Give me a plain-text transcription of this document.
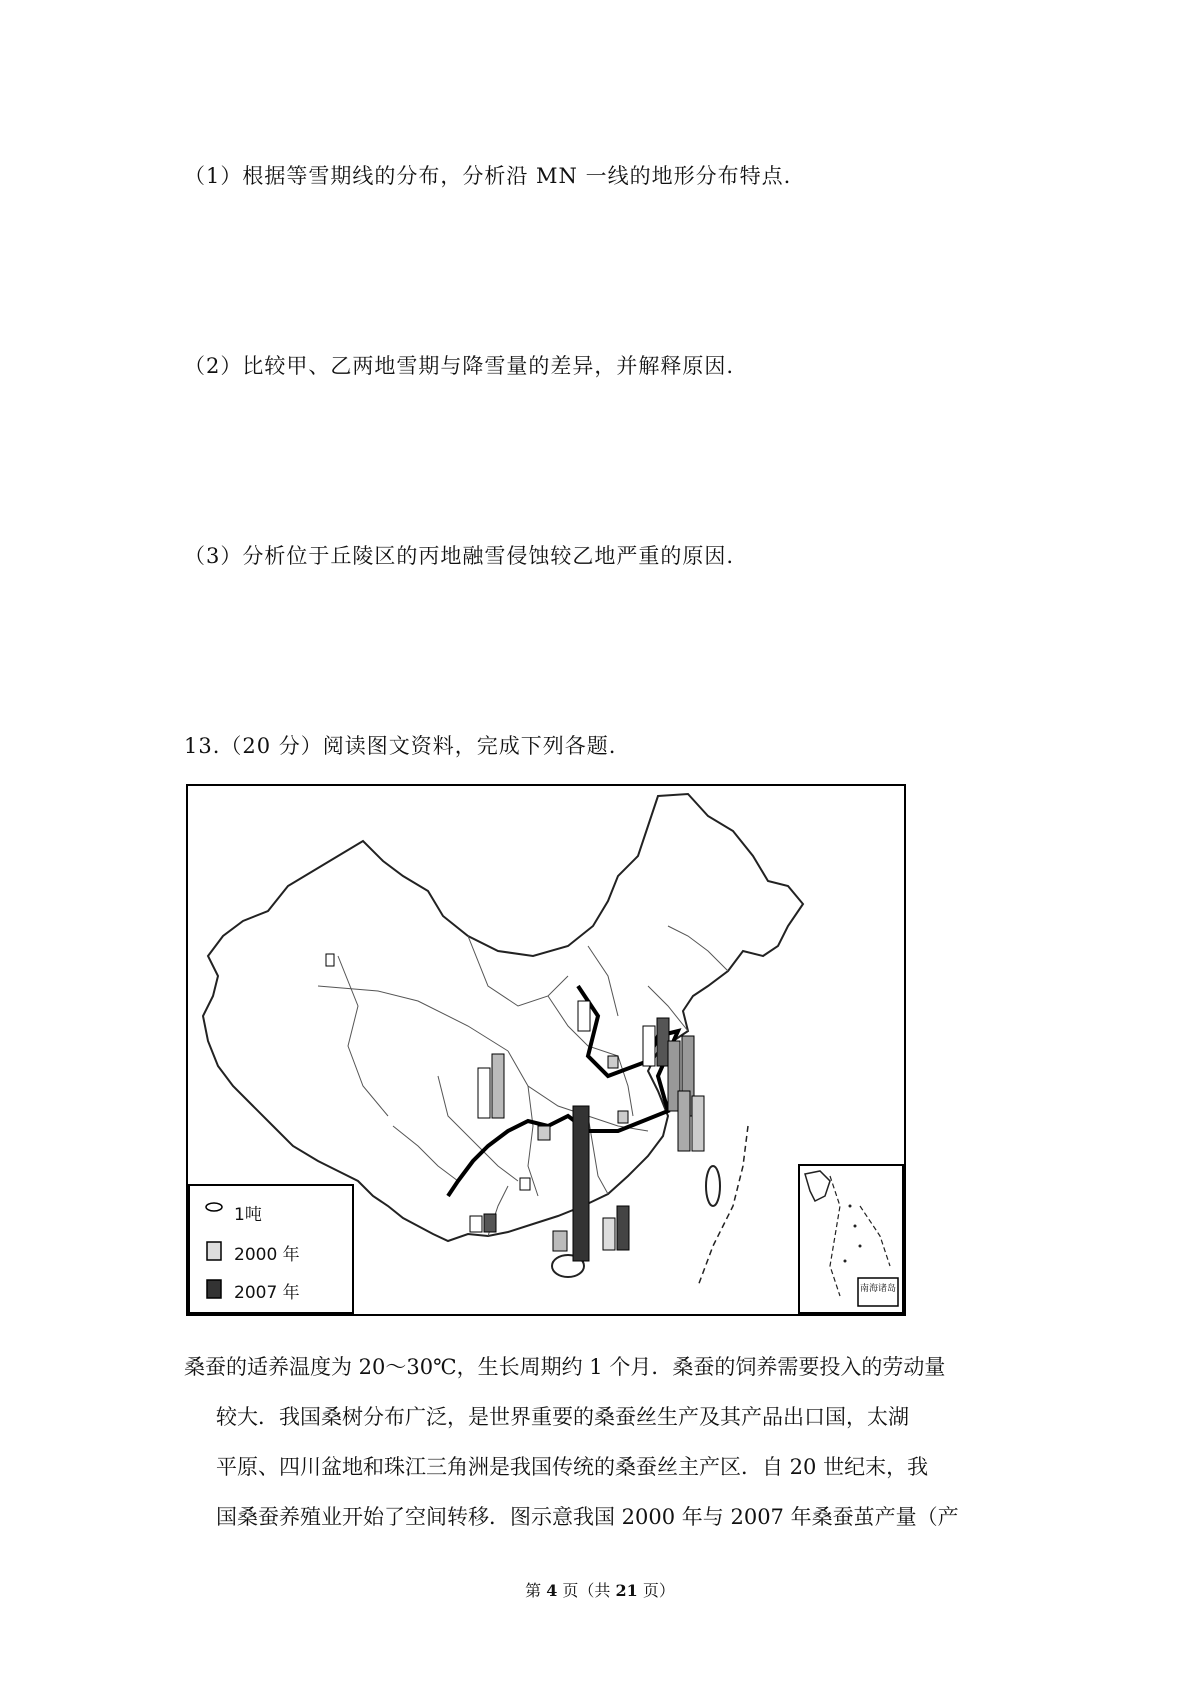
（1）根据等雪期线的分布，分析沿 MN 一线的地形分布特点.
（2）比较甲、乙两地雪期与降雪量的差异，并解释原因.
（3）分析位于丘陵区的丙地融雪侵蚀较乙地严重的原因.
13.（20 分）阅读图文资料，完成下列各题.
1吨
2000 年
2007 年	南海诸岛
桑蚕的适养温度为 20～30℃，生长周期约 1 个月．桑蚕的饲养需要投入的劳动量
较大．我国桑树分布广泛，是世界重要的桑蚕丝生产及其产品出口国，太湖
平原、四川盆地和珠江三角洲是我国传统的桑蚕丝主产区．自 20 世纪末，我
国桑蚕养殖业开始了空间转移．图示意我国 2000 年与 2007 年桑蚕茧产量（产
第 4 页（共 21 页）
